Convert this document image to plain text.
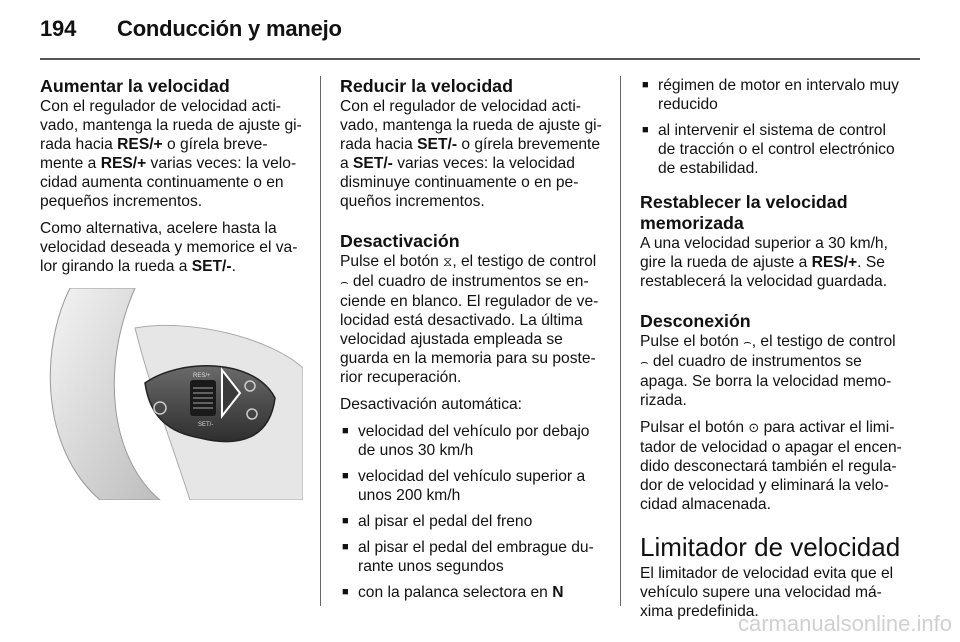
194 Conducción y manejo
Aumentar la velocidad

Con el regulador de velocidad acti-vado, mantenga la rueda de ajuste gi-rada hacia RES/+ o gírela breve-mente a RES/+ varias veces: la velo-cidad aumenta continuamente o en pequeños incrementos.

Como alternativa, acelere hasta la velocidad deseada y memorice el va-lor girando la rueda a SET/-.

RES/+
SET/-
Reducir la velocidad

Con el regulador de velocidad acti-vado, mantenga la rueda de ajuste gi-rada hacia SET/- o gírela brevemente a SET/- varias veces: la velocidad disminuye continuamente o en pe-queños incrementos.

Desactivación

Pulse el botón ⧖, el testigo de control ⌢ del cuadro de instrumentos se en-ciende en blanco. El regulador de ve-locidad está desactivado. La última velocidad ajustada empleada se guarda en la memoria para su poste-rior recuperación.

Desactivación automática:

■ velocidad del vehículo por debajo de unos 30 km/h
■ velocidad del vehículo superior a unos 200 km/h
■ al pisar el pedal del freno
■ al pisar el pedal del embrague du-rante unos segundos
■ con la palanca selectora en N
■ régimen de motor en intervalo muy reducido
■ al intervenir el sistema de control de tracción o el control electrónico de estabilidad.
Restablecer la velocidad memorizada

A una velocidad superior a 30 km/h, gire la rueda de ajuste a RES/+. Se restablecerá la velocidad guardada.

Desconexión

Pulse el botón ⌢, el testigo de control ⌢ del cuadro de instrumentos se apaga. Se borra la velocidad memo-rizada.

Pulsar el botón ⊙ para activar el limi-tador de velocidad o apagar el encen-dido desconectará también el regula-dor de velocidad y eliminará la velo-cidad almacenada.

Limitador de velocidad

El limitador de velocidad evita que el vehículo supere una velocidad má-xima predefinida.

carmanualsonline.info
